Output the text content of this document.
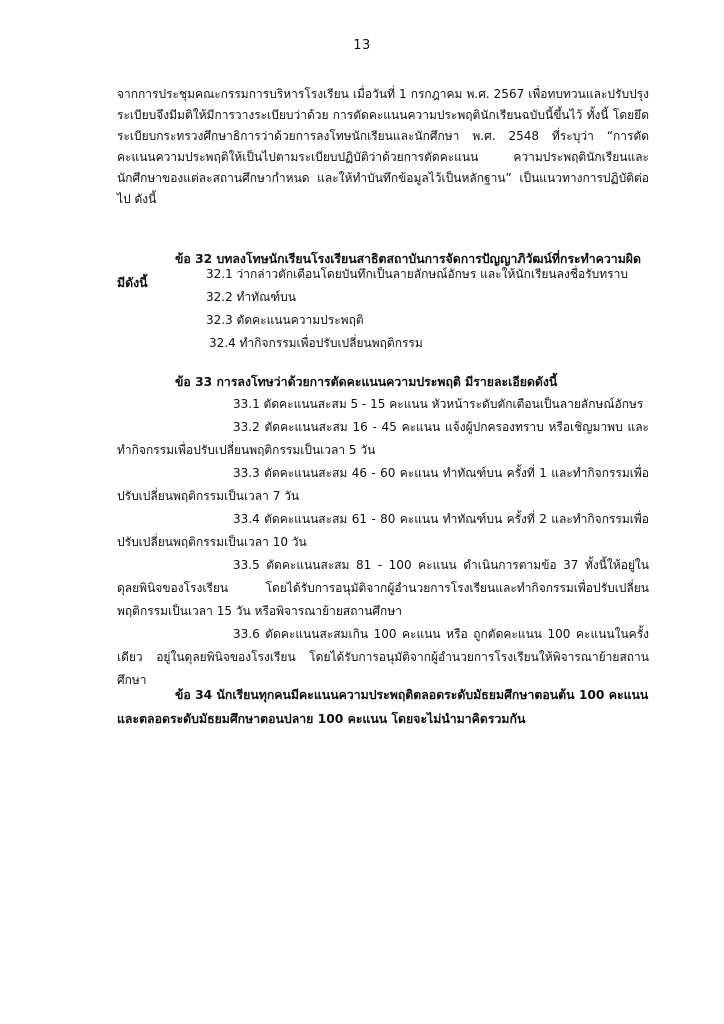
13

จากการประชุมคณะกรรมการบริหารโรงเรียน เมื่อวันที่ 1 กรกฎาคม พ.ศ. 2567 เพื่อทบทวนและปรับปรุงระเบียบจึงมีมติให้มีการวางระเบียบว่าด้วย การตัดคะแนนความประพฤตินักเรียนฉบับนี้ขึ้นไว้ ทั้งนี้ โดยยึดระเบียบกระทรวงศึกษาธิการว่าด้วยการลงโทษนักเรียนและนักศึกษา พ.ศ. 2548 ที่ระบุว่า “การตัดคะแนนความประพฤติให้เป็นไปตามระเบียบปฏิบัติว่าด้วยการตัดคะแนน ความประพฤตินักเรียนและนักศึกษาของแต่ละสถานศึกษากำหนด และให้ทำบันทึกข้อมูลไว้เป็นหลักฐาน” เป็นแนวทางการปฏิบัติต่อไป ดังนี้

ข้อ 32 บทลงโทษนักเรียนโรงเรียนสาธิตสถาบันการจัดการปัญญาภิวัฒน์ที่กระทำความผิดมีดังนี้

32.1 ว่ากล่าวตักเตือนโดยบันทึกเป็นลายลักษณ์อักษร และให้นักเรียนลงชื่อรับทราบ
32.2 ทำทัณฑ์บน
32.3 ตัดคะแนนความประพฤติ
32.4 ทำกิจกรรมเพื่อปรับเปลี่ยนพฤติกรรม

ข้อ 33 การลงโทษว่าด้วยการตัดคะแนนความประพฤติ มีรายละเอียดดังนี้

33.1 ตัดคะแนนสะสม 5 - 15 คะแนน หัวหน้าระดับตักเตือนเป็นลายลักษณ์อักษร

33.2 ตัดคะแนนสะสม 16 - 45 คะแนน แจ้งผู้ปกครองทราบ หรือเชิญมาพบ และทำกิจกรรมเพื่อปรับเปลี่ยนพฤติกรรมเป็นเวลา 5 วัน

33.3 ตัดคะแนนสะสม 46 - 60 คะแนน ทำทัณฑ์บน ครั้งที่ 1 และทำกิจกรรมเพื่อปรับเปลี่ยนพฤติกรรมเป็นเวลา 7 วัน

33.4 ตัดคะแนนสะสม 61 - 80 คะแนน ทำทัณฑ์บน ครั้งที่ 2 และทำกิจกรรมเพื่อปรับเปลี่ยนพฤติกรรมเป็นเวลา 10 วัน

33.5 ตัดคะแนนสะสม 81 - 100 คะแนน ดำเนินการตามข้อ 37 ทั้งนี้ให้อยู่ในดุลยพินิจของโรงเรียน โดยได้รับการอนุมัติจากผู้อำนวยการโรงเรียนและทำกิจกรรมเพื่อปรับเปลี่ยนพฤติกรรมเป็นเวลา 15 วัน หรือพิจารณาย้ายสถานศึกษา

33.6 ตัดคะแนนสะสมเกิน 100 คะแนน หรือ ถูกตัดคะแนน 100 คะแนนในครั้งเดียว อยู่ในดุลยพินิจของโรงเรียน โดยได้รับการอนุมัติจากผู้อำนวยการโรงเรียนให้พิจารณาย้ายสถานศึกษา

ข้อ 34 นักเรียนทุกคนมีคะแนนความประพฤติตลอดระดับมัธยมศึกษาตอนต้น 100 คะแนน และตลอดระดับมัธยมศึกษาตอนปลาย 100 คะแนน โดยจะไม่นำมาคิดรวมกัน
